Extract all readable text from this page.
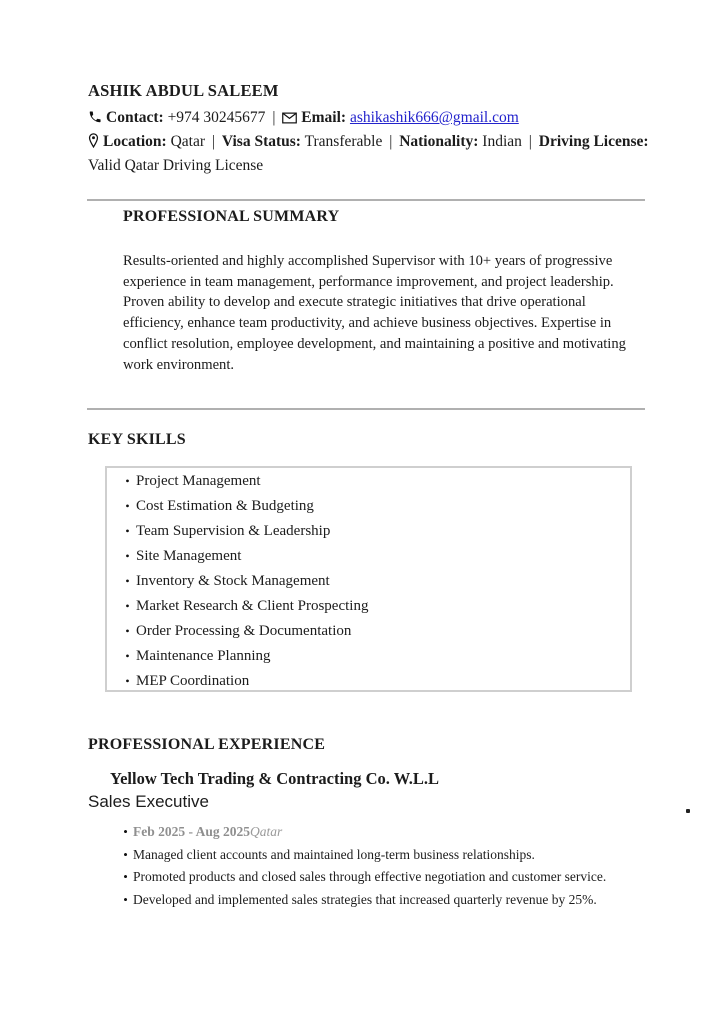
ASHIK ABDUL SALEEM
Contact: +974 30245677 | Email: ashikashik666@gmail.com
Location: Qatar | Visa Status: Transferable | Nationality: Indian | Driving License: Valid Qatar Driving License
PROFESSIONAL SUMMARY

Results-oriented and highly accomplished Supervisor with 10+ years of progressive experience in team management, performance improvement, and project leadership. Proven ability to develop and execute strategic initiatives that drive operational efficiency, enhance team productivity, and achieve business objectives. Expertise in conflict resolution, employee development, and maintaining a positive and motivating work environment.

KEY SKILLS
• Project Management
• Cost Estimation & Budgeting
• Team Supervision & Leadership
• Site Management
• Inventory & Stock Management
• Market Research & Client Prospecting
• Order Processing & Documentation
• Maintenance Planning
• MEP Coordination
PROFESSIONAL EXPERIENCE
Yellow Tech Trading & Contracting Co. W.L.L
Sales Executive
• Feb 2025 - Aug 2025Qatar
• Managed client accounts and maintained long-term business relationships.
• Promoted products and closed sales through effective negotiation and customer service.
• Developed and implemented sales strategies that increased quarterly revenue by 25%.
